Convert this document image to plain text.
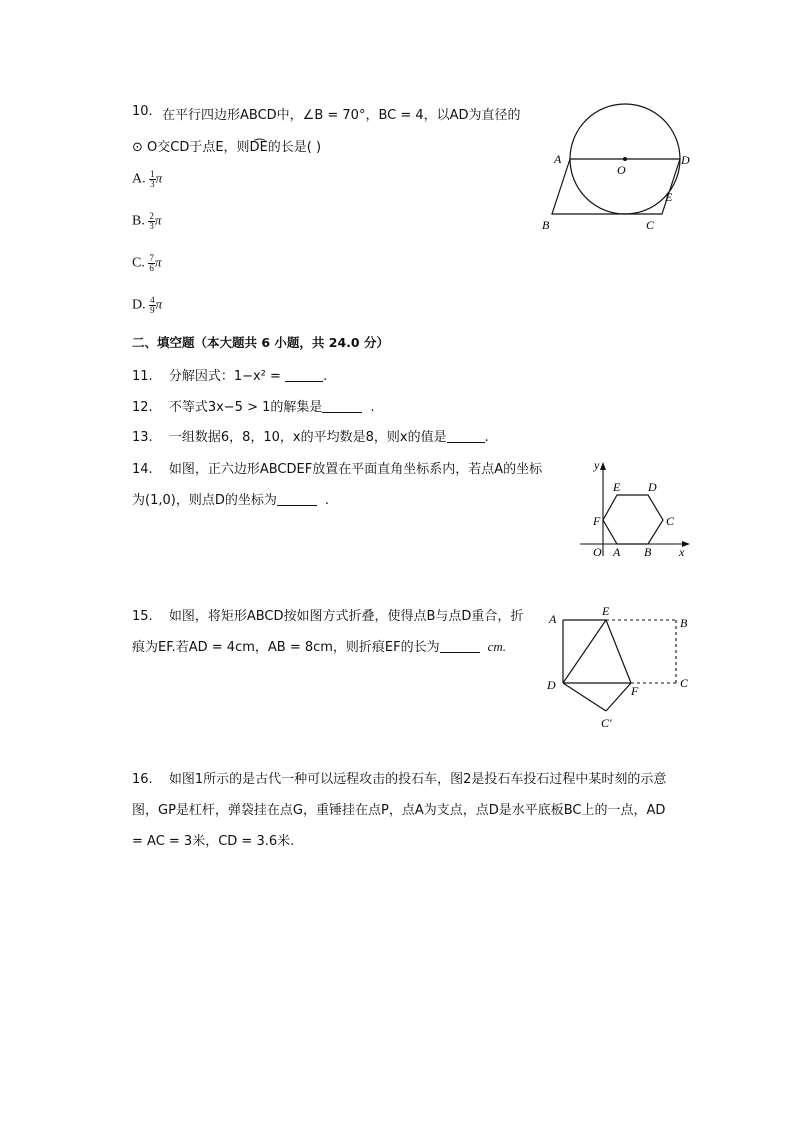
10. 在平行四边形ABCD中，∠B = 70°，BC = 4，以AD为直径的
⊙ O交CD于点E，则D͡E的长是( )
A. $\frac{1}{3}$ π
B. $\frac{2}{3}$ π
C. $\frac{7}{6}$ π
D. $\frac{4}{9}$ π
A	D
O
E
B	C
二、填空题（本大题共 6 小题，共 24.0 分）
11. 分解因式：1−x² =	.
12. 不等式3x−5 > 1的解集是	.
13. 一组数据6，8，10，x的平均数是8，则x的值是	.
14. 如图，正六边形ABCDEF放置在平面直角坐标系内，若点A的坐标
为(1,0)，则点D的坐标为	.
y
x
O A B
C
D
E
F
15. 如图，将矩形ABCD按如图方式折叠，使得点B与点D重合，折
痕为EF.若AD = 4cm，AB = 8cm，则折痕EF的长为	cm.
A
E
B
D	F
C
C′
16. 如图1所示的是古代一种可以远程攻击的投石车，图2是投石车投石过程中某时刻的示意
图，GP是杠杆，弹袋挂在点G，重锤挂在点P，点A为支点，点D是水平底板BC上的一点，AD
= AC = 3米，CD = 3.6米.
